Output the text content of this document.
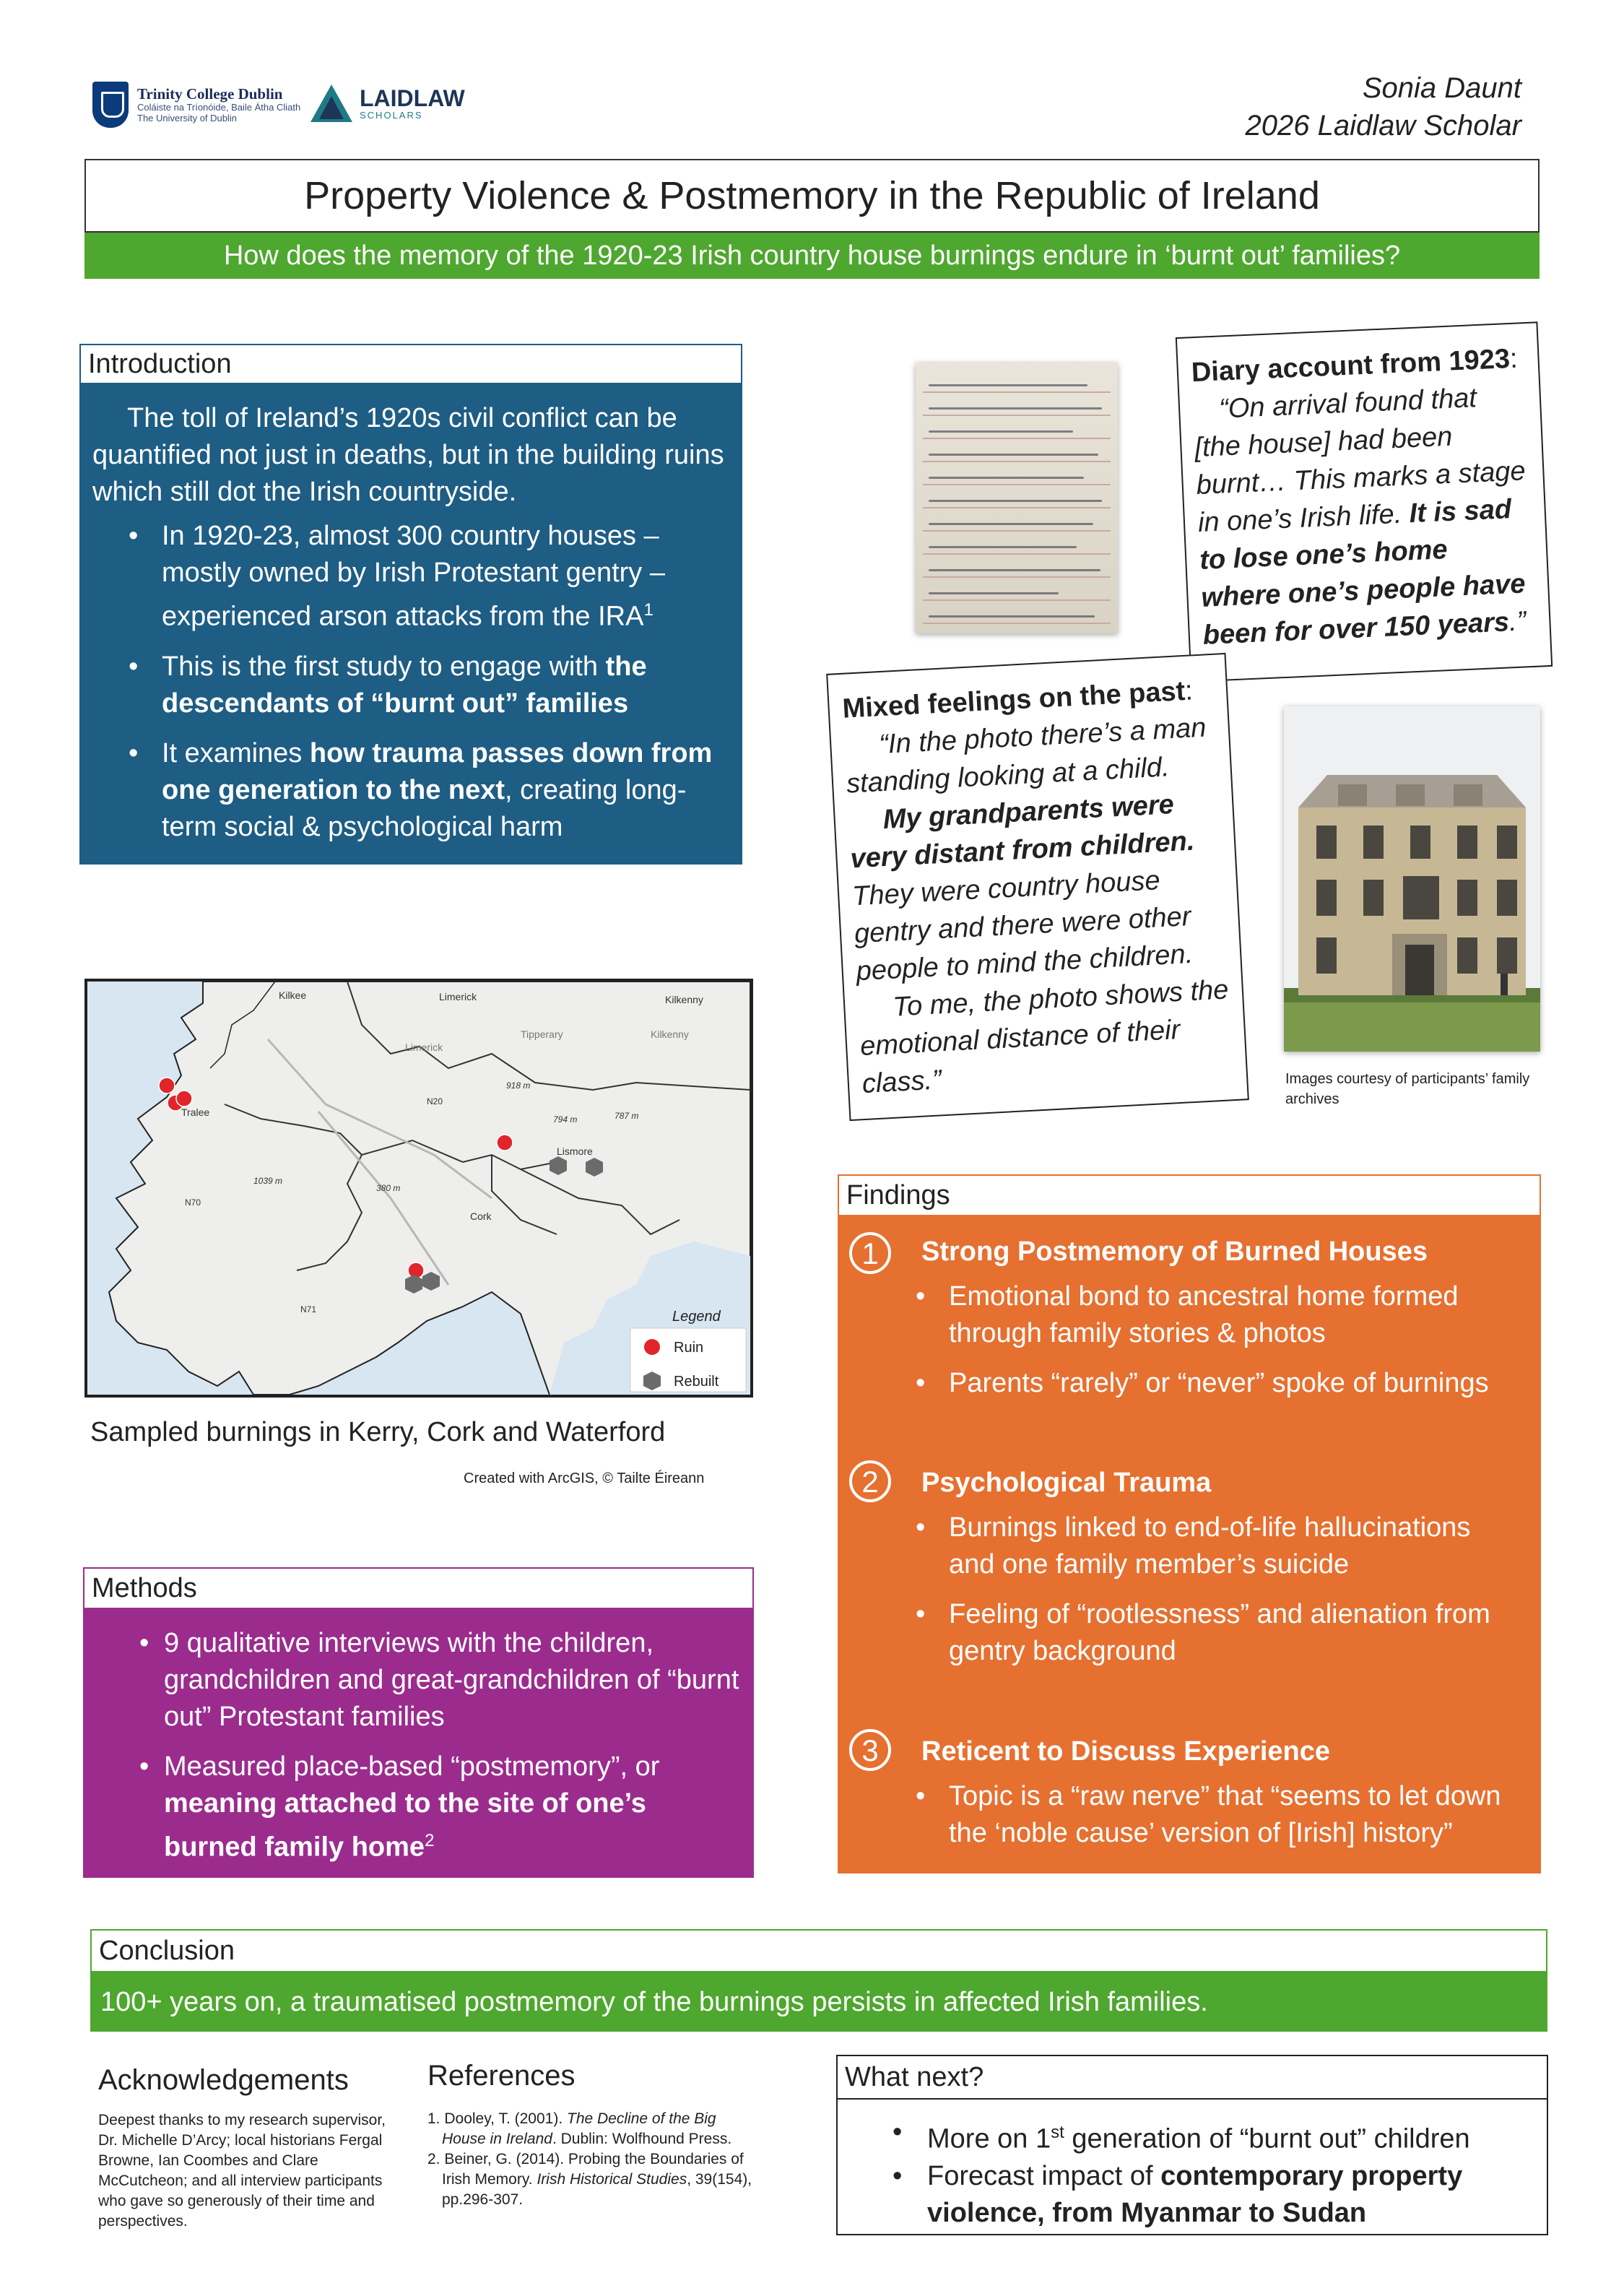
Trinity College Dublin
Coláiste na Tríonóide, Baile Átha Cliath
The University of Dublin
LAIDLAW
SCHOLARS
Sonia Daunt
2026 Laidlaw Scholar
Property Violence & Postmemory in the Republic of Ireland
How does the memory of the 1920-23 Irish country house burnings endure in ‘burnt out’ families?
Introduction

The toll of Ireland’s 1920s civil conflict can be quantified not just in deaths, but in the building ruins which still dot the Irish countryside.

• In 1920-23, almost 300 country houses – mostly owned by Irish Protestant gentry – experienced arson attacks from the IRA$^1$
• This is the first study to engage with the descendants of “burnt out” families
• It examines how trauma passes down from one generation to the next, creating long-term social & psychological harm
Diary account from 1923:
“On arrival found that [the house] had been burnt… This marks a stage in one’s Irish life. It is sad to lose one’s home where one’s people have been for over 150 years.”
Mixed feelings on the past:
“In the photo there’s a man standing looking at a child.
My grandparents were very distant from children. They were country house gentry and there were other people to mind the children.
To me, the photo shows the emotional distance of their class.”	Images courtesy of participants’ family archives
Kilkee	Limerick	Kilkenny
Limerick
Tipperary	Kilkenny
Tralee
Lismore
Cork
N20
N70
N71
918 m
794 m	787 m
1039 m
380 m
Legend
Ruin
Rebuilt
Sampled burnings in Kerry, Cork and Waterford
Created with ArcGIS, © Tailte Éireann
Methods
• 9 qualitative interviews with the children, grandchildren and great-grandchildren of “burnt out” Protestant families
• Measured place-based “postmemory”, or meaning attached to the site of one’s burned family home$^2$
Findings
1	Strong Postmemory of Burned Houses
• Emotional bond to ancestral home formed through family stories & photos
• Parents “rarely” or “never” spoke of burnings
2	Psychological Trauma
• Burnings linked to end-of-life hallucinations and one family member’s suicide
• Feeling of “rootlessness” and alienation from gentry background
3	Reticent to Discuss Experience
• Topic is a “raw nerve” that “seems to let down the ‘noble cause’ version of [Irish] history”
Conclusion
100+ years on, a traumatised postmemory of the burnings persists in affected Irish families.
Acknowledgements
Deepest thanks to my research supervisor, Dr. Michelle D’Arcy; local historians Fergal Browne, Ian Coombes and Clare McCutcheon; and all interview participants who gave so generously of their time and perspectives.
References
1. Dooley, T. (2001). The Decline of the Big House in Ireland. Dublin: Wolfhound Press.
2. Beiner, G. (2014). Probing the Boundaries of Irish Memory. Irish Historical Studies, 39(154), pp.296-307.
What next?
• More on 1st generation of “burnt out” children
• Forecast impact of contemporary property violence, from Myanmar to Sudan
